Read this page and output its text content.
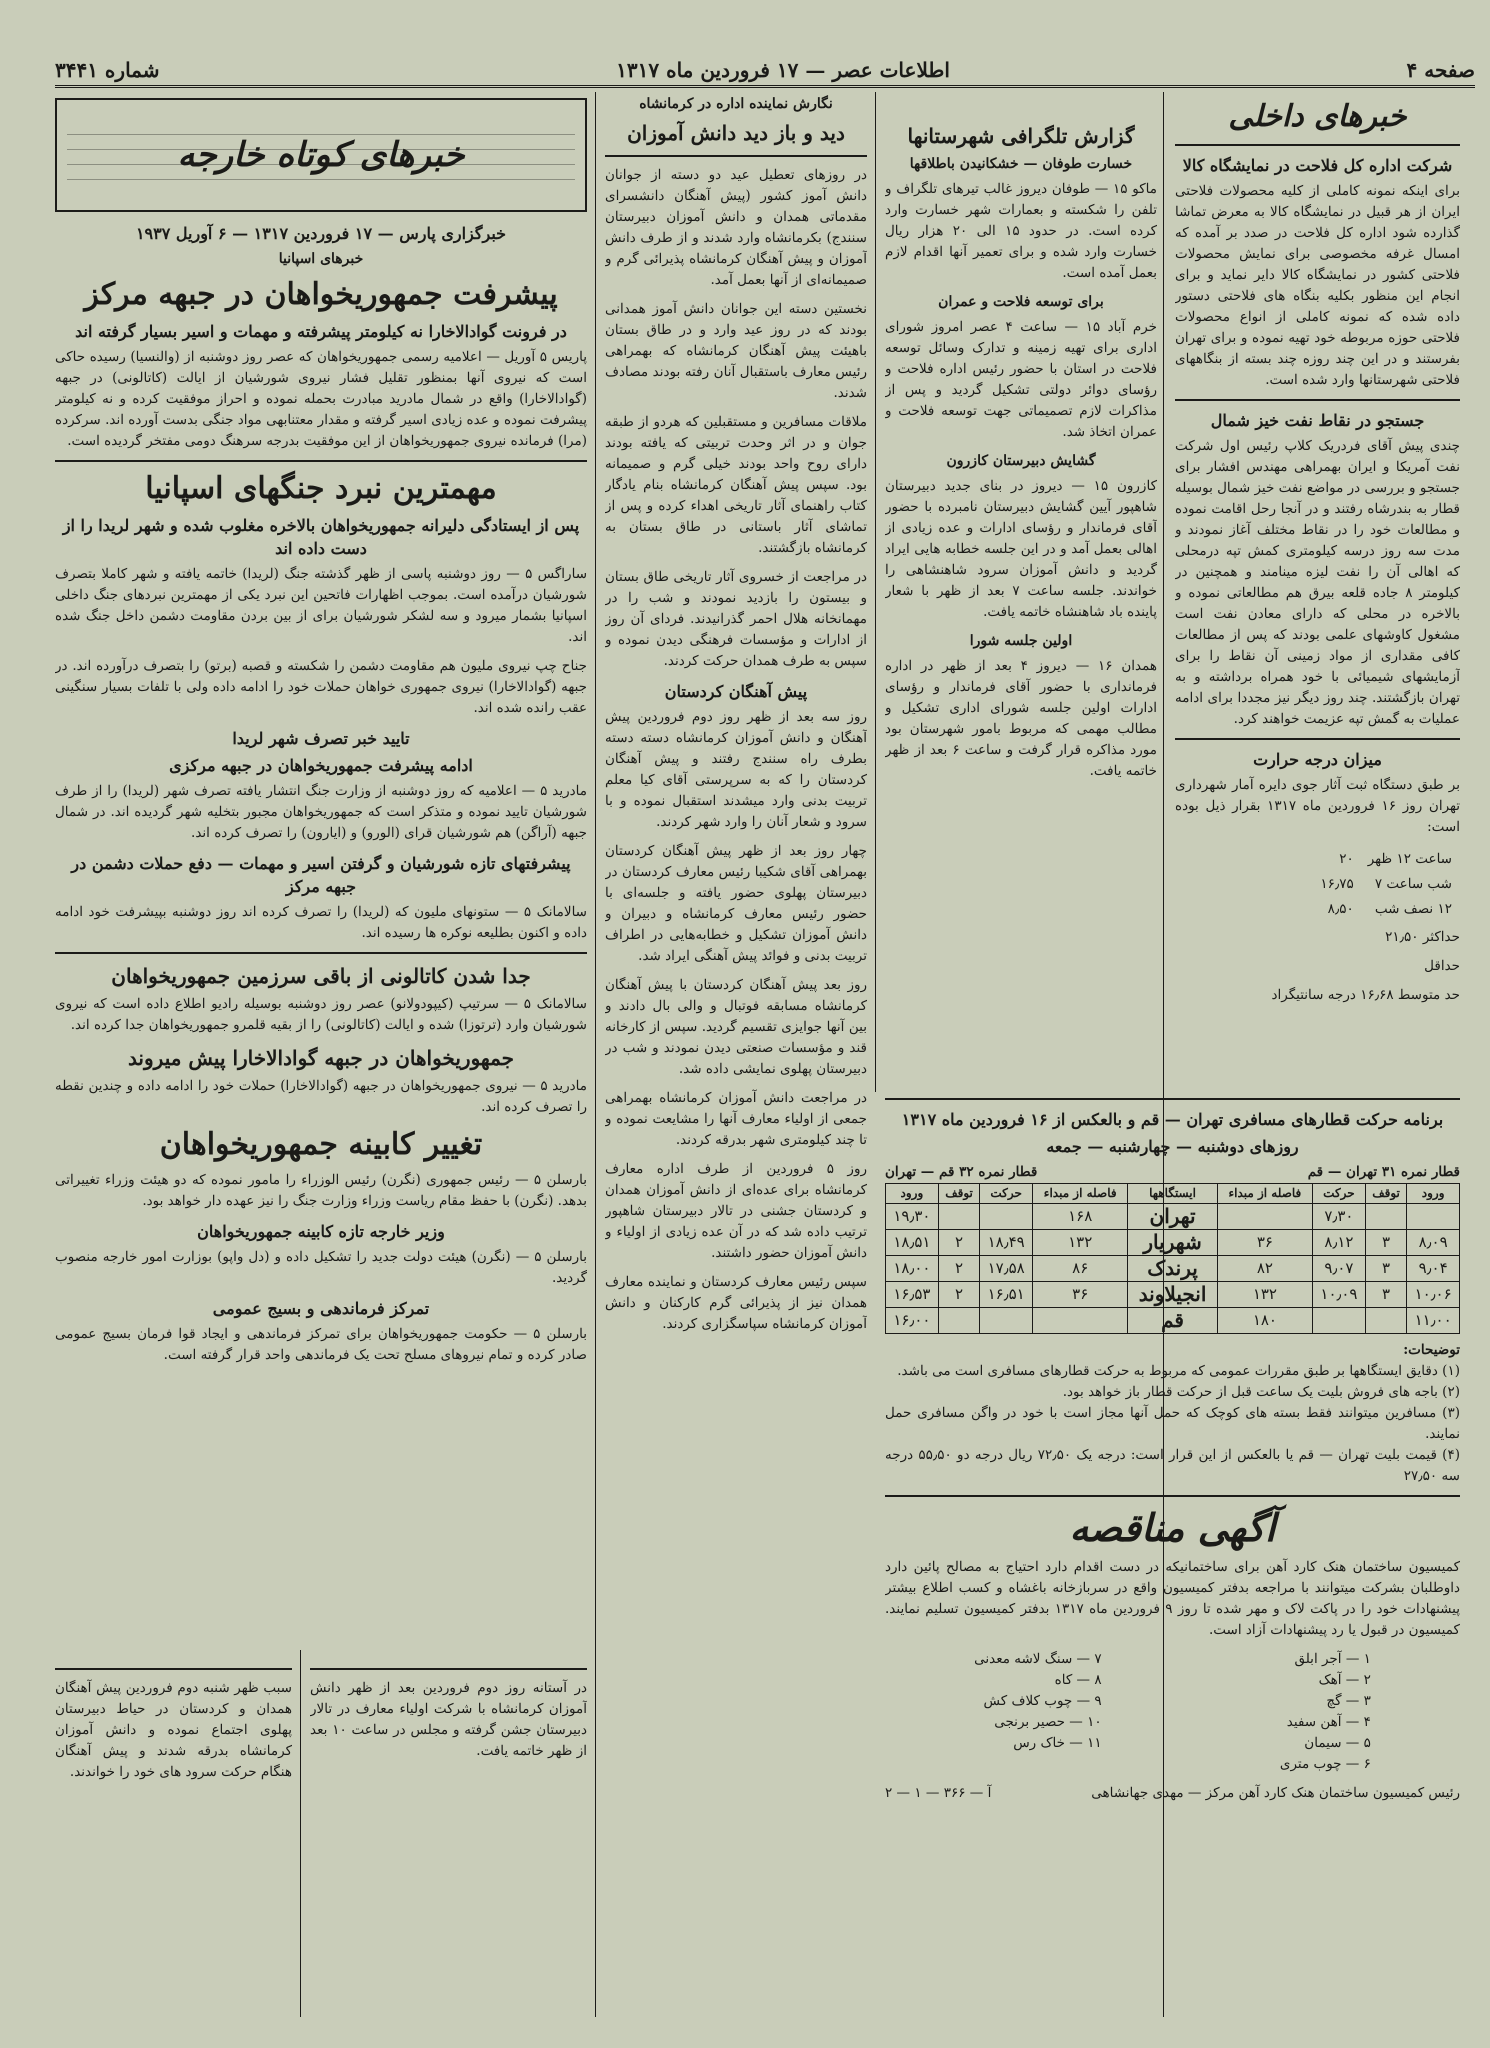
صفحه ۴
اطلاعات عصر — ۱۷ فروردین ماه ۱۳۱۷
شماره ۳۴۴۱
خبرهای داخلی
شرکت اداره کل فلاحت در نمایشگاه کالا

برای اینکه نمونه کاملی از کلیه محصولات فلاحتی ایران از هر قبیل در نمایشگاه کالا به معرض تماشا گذارده شود اداره کل فلاحت در صدد بر آمده که امسال غرفه مخصوصی برای نمایش محصولات فلاحتی کشور در نمایشگاه کالا دایر نماید و برای انجام این منظور بکلیه بنگاه های فلاحتی دستور داده شده که نمونه کاملی از انواع محصولات فلاحتی حوزه مربوطه خود تهیه نموده و برای تهران بفرستند و در این چند روزه چند بسته از بنگاههای فلاحتی شهرستانها وارد شده است.

جستجو در نقاط نفت خیز شمال

چندی پیش آقای فردریک کلاپ رئیس اول شرکت نفت آمریکا و ایران بهمراهی مهندس افشار برای جستجو و بررسی در مواضع نفت خیز شمال بوسیله قطار به بندرشاه رفتند و در آنجا رحل اقامت نموده و مطالعات خود را در نقاط مختلف آغاز نمودند و مدت سه روز درسه کیلومتری کمش تپه درمحلی که اهالی آن را نفت لیزه مینامند و همچنین در کیلومتر ۸ جاده قلعه بیرق هم مطالعاتی نموده و بالاخره در محلی که دارای معادن نفت است مشغول کاوشهای علمی بودند که پس از مطالعات کافی مقداری از مواد زمینی آن نقاط را برای آزمایشهای شیمیائی با خود همراه برداشته و به تهران بازگشتند. چند روز دیگر نیز مجددا برای ادامه عملیات به گمش تپه عزیمت خواهند کرد.

میزان درجه حرارت

بر طبق دستگاه ثبت آثار جوی دایره آمار شهرداری تهران روز ۱۶ فروردین ماه ۱۳۱۷ بقرار ذیل بوده است:

ساعت ۱۲ ظهر	۲۰
شب ساعت ۷	۱۶٫۷۵
۱۲ نصف شب	۸٫۵۰

حداکثر ۲۱٫۵۰

حداقل

حد متوسط ۱۶٫۶۸ درجه سانتیگراد

گزارش تلگرافی شهرستانها
خسارت طوفان — خشکانیدن باطلاقها

ماکو ۱۵ — طوفان دیروز غالب تیرهای تلگراف و تلفن را شکسته و بعمارات شهر خسارت وارد کرده است. در حدود ۱۵ الی ۲۰ هزار ریال خسارت وارد شده و برای تعمیر آنها اقدام لازم بعمل آمده است.

برای توسعه فلاحت و عمران

خرم آباد ۱۵ — ساعت ۴ عصر امروز شورای اداری برای تهیه زمینه و تدارک وسائل توسعه فلاحت در استان با حضور رئیس اداره فلاحت و رؤسای دوائر دولتی تشکیل گردید و پس از مذاکرات لازم تصمیماتی جهت توسعه فلاحت و عمران اتخاذ شد.

گشایش دبیرستان کازرون

کازرون ۱۵ — دیروز در بنای جدید دبیرستان شاهپور آیین گشایش دبیرستان نامبرده با حضور آقای فرماندار و رؤسای ادارات و عده زیادی از اهالی بعمل آمد و در این جلسه خطابه هایی ایراد گردید و دانش آموزان سرود شاهنشاهی را خواندند. جلسه ساعت ۷ بعد از ظهر با شعار پاینده باد شاهنشاه خاتمه یافت.

اولین جلسه شورا

همدان ۱۶ — دیروز ۴ بعد از ظهر در اداره فرمانداری با حضور آقای فرماندار و رؤسای ادارات اولین جلسه شورای اداری تشکیل و مطالب مهمی که مربوط بامور شهرستان بود مورد مذاکره قرار گرفت و ساعت ۶ بعد از ظهر خاتمه یافت.

برنامه حرکت قطارهای مسافری تهران — قم و بالعکس از ۱۶ فروردین ماه ۱۳۱۷
روزهای دوشنبه — چهارشنبه — جمعه
قطار نمره ۳۱ تهران — قم
قطار نمره ۳۲ قم — تهران
ورود	توقف	حرکت	فاصله از مبداء	ایستگاهها	فاصله از مبداء	حرکت	توقف	ورود
		۷٫۳۰		تهران	۱۶۸			۱۹٫۳۰
۸٫۰۹	۳	۸٫۱۲	۳۶	شهریار	۱۳۲	۱۸٫۴۹	۲	۱۸٫۵۱
۹٫۰۴	۳	۹٫۰۷	۸۲	پرندک	۸۶	۱۷٫۵۸	۲	۱۸٫۰۰
۱۰٫۰۶	۳	۱۰٫۰۹	۱۳۲	انجیلاوند	۳۶	۱۶٫۵۱	۲	۱۶٫۵۳
۱۱٫۰۰			۱۸۰	قم				۱۶٫۰۰

توضیحات:

(۱) دقایق ایستگاهها بر طبق مقررات عمومی که مربوط به حرکت قطارهای مسافری است می باشد.

(۲) باجه های فروش بلیت یک ساعت قبل از حرکت قطار باز خواهد بود.

(۳) مسافرین میتوانند فقط بسته های کوچک که حمل آنها مجاز است با خود در واگن مسافری حمل نمایند.

(۴) قیمت بلیت تهران — قم یا بالعکس از این قرار است: درجه یک ۷۲٫۵۰ ریال درجه دو ۵۵٫۵۰ درجه سه ۲۷٫۵۰

آگهی مناقصه

کمیسیون ساختمان هنک کارد آهن برای ساختمانیکه در دست اقدام دارد احتیاج به مصالح پائین دارد داوطلبان بشرکت میتوانند با مراجعه بدفتر کمیسیون واقع در سربازخانه باغشاه و کسب اطلاع بیشتر پیشنهادات خود را در پاکت لاک و مهر شده تا روز ۹ فروردین ماه ۱۳۱۷ بدفتر کمیسیون تسلیم نمایند. کمیسیون در قبول یا رد پیشنهادات آزاد است.

۱ — آجر ابلق
۲ — آهک
۳ — گچ
۴ — آهن سفید
۵ — سیمان
۶ — چوب مترى
۷ — سنگ لاشه معدنی
۸ — کاه
۹ — چوب کلاف کش
۱۰ — حصیر برنجی
۱۱ — خاک رس
رئیس کمیسیون ساختمان هنک کارد آهن مرکز — مهدی جهانشاهی
آ — ۳۶۶ — ۱ — ۲
نگارش نماینده اداره در کرمانشاه
دید و باز دید دانش آموزان

در روزهای تعطیل عید دو دسته از جوانان دانش آموز کشور (پیش آهنگان دانشسرای مقدماتی همدان و دانش آموزان دبیرستان سنندج) بکرمانشاه وارد شدند و از طرف دانش آموزان و پیش آهنگان کرمانشاه پذیرائی گرم و صمیمانه‌ای از آنها بعمل آمد.

نخستین دسته این جوانان دانش آموز همدانی بودند که در روز عید وارد و در طاق بستان باهیئت پیش آهنگان کرمانشاه که بهمراهی رئیس معارف باستقبال آنان رفته بودند مصادف شدند.

ملاقات مسافرین و مستقبلین که هردو از طبقه جوان و در اثر وحدت تربیتی که یافته بودند دارای روح واحد بودند خیلی گرم و صمیمانه بود. سپس پیش آهنگان کرمانشاه بنام یادگار کتاب راهنمای آثار تاریخی اهداء کرده و پس از تماشای آثار باستانی در طاق بستان به کرمانشاه بازگشتند.

در مراجعت از خسروی آثار تاریخی طاق بستان و بیستون را بازدید نمودند و شب را در مهمانخانه هلال احمر گذرانیدند. فردای آن روز از ادارات و مؤسسات فرهنگی دیدن نموده و سپس به طرف همدان حرکت کردند.

پیش آهنگان کردستان

روز سه بعد از ظهر روز دوم فروردین پیش آهنگان و دانش آموزان کرمانشاه دسته دسته بطرف راه سنندج رفتند و پیش آهنگان کردستان را که به سرپرستی آقای کیا معلم تربیت بدنی وارد میشدند استقبال نموده و با سرود و شعار آنان را وارد شهر کردند.

چهار روز بعد از ظهر پیش آهنگان کردستان بهمراهی آقای شکیبا رئیس معارف کردستان در دبیرستان پهلوی حضور یافته و جلسه‌ای با حضور رئیس معارف کرمانشاه و دبیران و دانش آموزان تشکیل و خطابه‌هایی در اطراف تربیت بدنی و فوائد پیش آهنگی ایراد شد.

روز بعد پیش آهنگان کردستان با پیش آهنگان کرمانشاه مسابقه فوتبال و والی بال دادند و بین آنها جوایزی تقسیم گردید. سپس از کارخانه قند و مؤسسات صنعتی دیدن نمودند و شب در دبیرستان پهلوی نمایشی داده شد.

در مراجعت دانش آموزان کرمانشاه بهمراهی جمعی از اولیاء معارف آنها را مشایعت نموده و تا چند کیلومتری شهر بدرقه کردند.

روز ۵ فروردین از طرف اداره معارف کرمانشاه برای عده‌ای از دانش آموزان همدان و کردستان جشنی در تالار دبیرستان شاهپور ترتیب داده شد که در آن عده زیادی از اولیاء و دانش آموزان حضور داشتند.

سپس رئیس معارف کردستان و نماینده معارف همدان نیز از پذیرائی گرم کارکنان و دانش آموزان کرمانشاه سپاسگزاری کردند.

خبرهای کوتاه خارجه
خبرگزاری پارس — ۱۷ فروردین ۱۳۱۷ — ۶ آوریل ۱۹۳۷
خبرهای اسپانیا
پیشرفت جمهوریخواهان در جبهه مرکز
در فرونت گوادالاخارا نه کیلومتر پیشرفته و مهمات و اسیر بسیار گرفته اند

پاریس ۵ آوریل — اعلامیه رسمی جمهوریخواهان که عصر روز دوشنبه از (والنسیا) رسیده حاکی است که نیروی آنها بمنظور تقلیل فشار نیروی شورشیان از ایالت (کاتالونی) در جبهه (گوادالاخارا) واقع در شمال مادرید مبادرت بحمله نموده و احراز موفقیت کرده و نه کیلومتر پیشرفت نموده و عده زیادی اسیر گرفته و مقدار معتنابهی مواد جنگی بدست آورده اند. سرکرده (مرا) فرمانده نیروی جمهوریخواهان از این موفقیت بدرجه سرهنگ دومی مفتخر گردیده است.

مهمترین نبرد جنگهای اسپانیا
پس از ایستادگی دلیرانه جمهوریخواهان بالاخره مغلوب شده و شهر لریدا را از دست داده اند

ساراگس ۵ — روز دوشنبه پاسی از ظهر گذشته جنگ (لریدا) خاتمه یافته و شهر کاملا بتصرف شورشیان درآمده است. بموجب اظهارات فاتحین این نبرد یکی از مهمترین نبردهای جنگ داخلی اسپانیا بشمار میرود و سه لشکر شورشیان برای از بین بردن مقاومت دشمن داخل جنگ شده اند.

جناح چپ نیروی ملیون هم مقاومت دشمن را شکسته و قصبه (برتو) را بتصرف درآورده اند. در جبهه (گوادالاخارا) نیروی جمهوری خواهان حملات خود را ادامه داده ولی با تلفات بسیار سنگینی عقب رانده شده اند.

تایید خبر تصرف شهر لریدا
ادامه پیشرفت جمهوریخواهان در جبهه مرکزی

مادرید ۵ — اعلامیه که روز دوشنبه از وزارت جنگ انتشار یافته تصرف شهر (لریدا) را از طرف شورشیان تایید نموده و متذکر است که جمهوریخواهان مجبور بتخلیه شهر گردیده اند. در شمال جبهه (آراگن) هم شورشیان قرای (الورو) و (ایارون) را تصرف کرده اند.

پیشرفتهای تازه شورشیان و گرفتن اسیر و مهمات — دفع حملات دشمن در جبهه مرکز

سالامانک ۵ — ستونهای ملیون که (لریدا) را تصرف کرده اند روز دوشنبه بپیشرفت خود ادامه داده و اکنون بطلیعه نوکره ها رسیده اند.

جدا شدن کاتالونی از باقی سرزمین جمهوریخواهان

سالامانک ۵ — سرتیپ (کیپودولانو) عصر روز دوشنبه بوسیله رادیو اطلاع داده است که نیروی شورشیان وارد (ترتوزا) شده و ایالت (کاتالونی) را از بقیه قلمرو جمهوریخواهان جدا کرده اند.

جمهوریخواهان در جبهه گوادالاخارا پیش میروند

مادرید ۵ — نیروی جمهوریخواهان در جبهه (گوادالاخارا) حملات خود را ادامه داده و چندین نقطه را تصرف کرده اند.

تغییر کابینه جمهوریخواهان

بارسلن ۵ — رئیس جمهوری (نگرن) رئیس الوزراء را مامور نموده که دو هیئت وزراء تغییراتی بدهد. (نگرن) با حفظ مقام ریاست وزراء وزارت جنگ را نیز عهده دار خواهد بود.

وزیر خارجه تازه کابینه جمهوریخواهان

بارسلن ۵ — (نگرن) هیئت دولت جدید را تشکیل داده و (دل واپو) بوزارت امور خارجه منصوب گردید.

تمرکز فرماندهی و بسیج عمومی

بارسلن ۵ — حکومت جمهوریخواهان برای تمرکز فرماندهی و ایجاد قوا فرمان بسیج عمومی صادر کرده و تمام نیروهای مسلح تحت یک فرماندهی واحد قرار گرفته است.

در آستانه روز دوم فروردین بعد از ظهر دانش آموزان کرمانشاه با شرکت اولیاء معارف در تالار دبیرستان جشن گرفته و مجلس در ساعت ۱۰ بعد از ظهر خاتمه یافت.

سبب ظهر شنبه دوم فروردین پیش آهنگان همدان و کردستان در حیاط دبیرستان پهلوی اجتماع نموده و دانش آموزان کرمانشاه بدرقه شدند و پیش آهنگان هنگام حرکت سرود های خود را خواندند.
